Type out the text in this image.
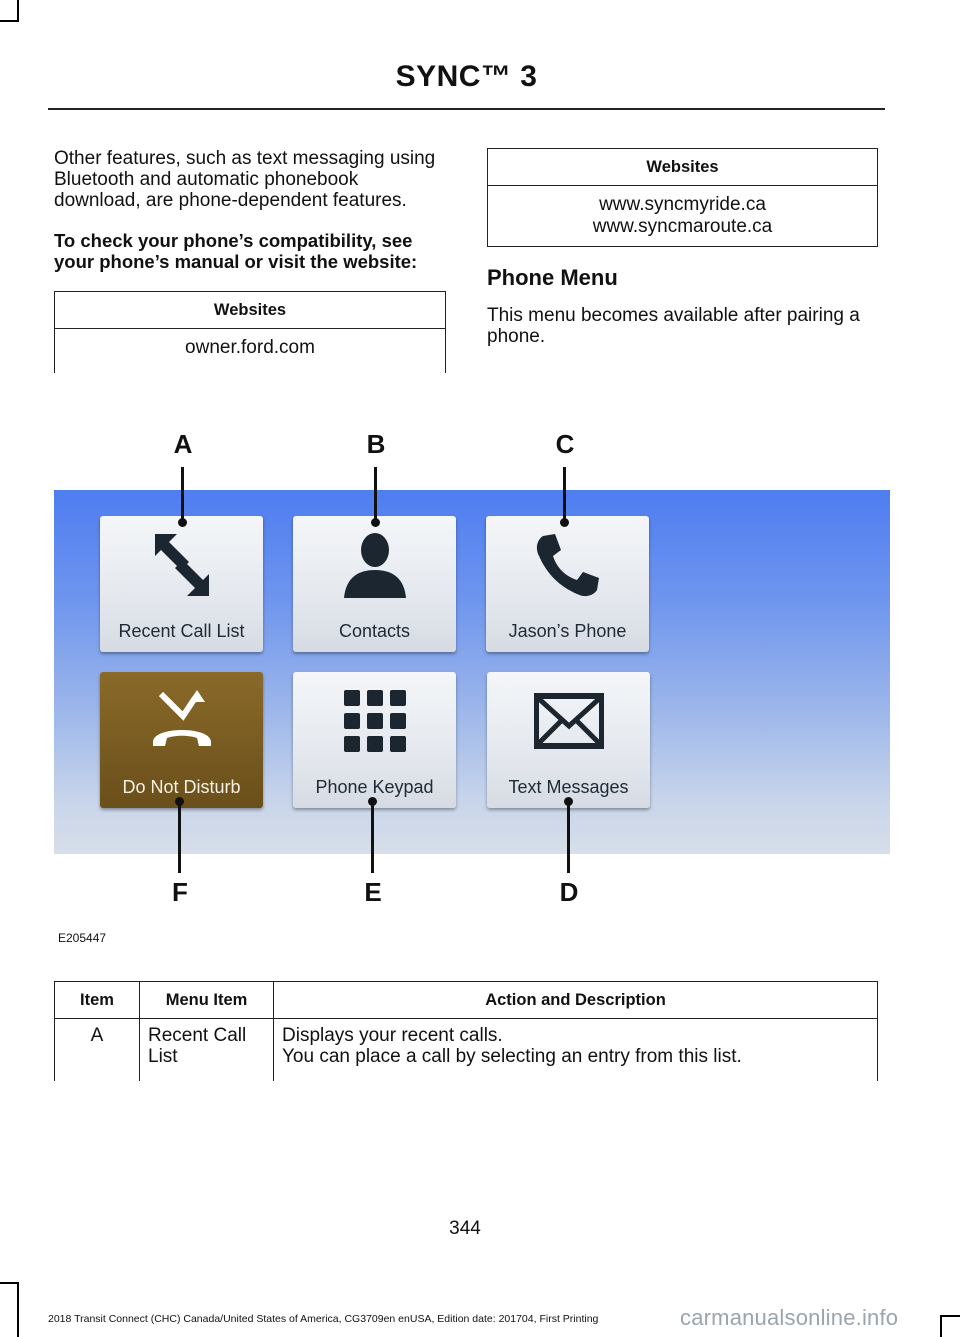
SYNC™ 3

Other features, such as text messaging using Bluetooth and automatic phonebook download, are phone-dependent features.

To check your phone’s compatibility, see your phone’s manual or visit the website:

Websites
owner.ford.com
Websites

www.syncmyride.ca
www.syncmaroute.ca
Phone Menu

This menu becomes available after pairing a phone.

A	B	C
Recent Call List	Contacts	Jason’s Phone
Do Not Disturb	Phone Keypad	Text Messages
F	E	D
E205447
Item	Menu Item	Action and Description
A	Recent Call List	Displays your recent calls.
You can place a call by selecting an entry from this list.
344
2018 Transit Connect (CHC) Canada/United States of America, CG3709en enUSA, Edition date: 201704, First Printing	carmanualsonline.info
